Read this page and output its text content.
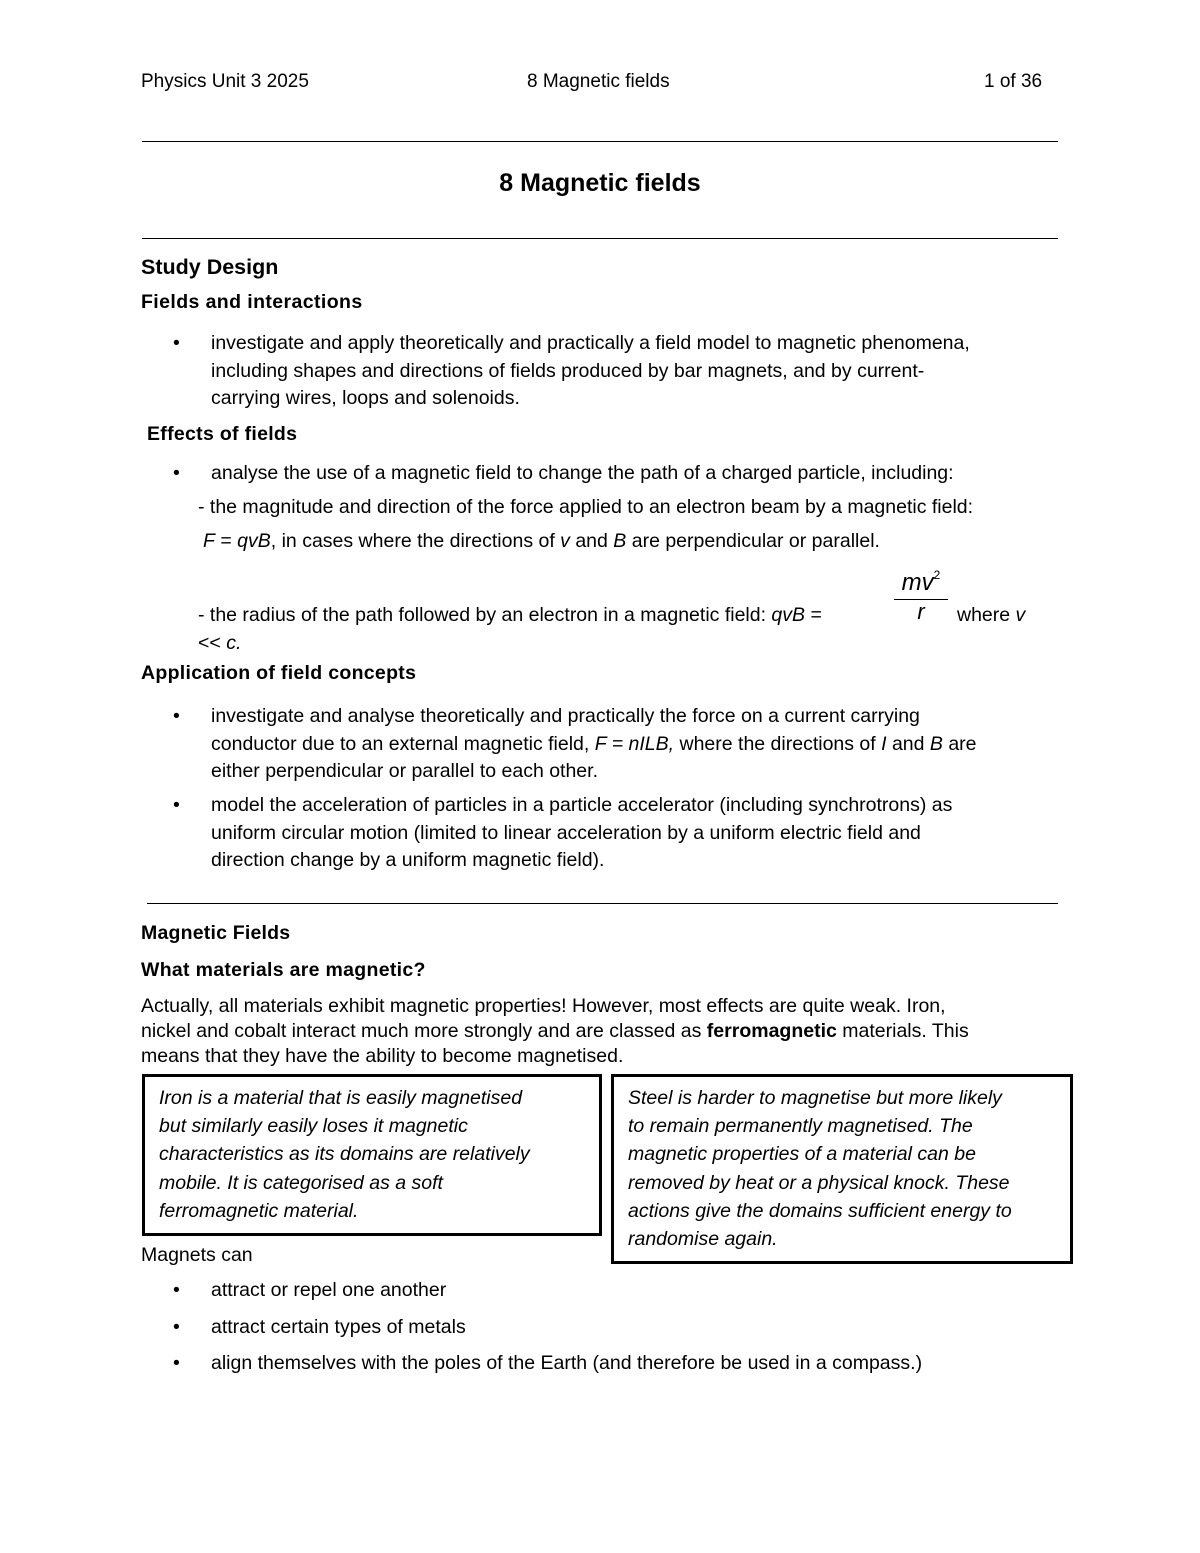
Physics Unit 3 2025	8 Magnetic fields	1 of 36
8 Magnetic fields
Study Design
Fields and interactions
• investigate and apply theoretically and practically a field model to magnetic phenomena,
including shapes and directions of fields produced by bar magnets, and by current-
carrying wires, loops and solenoids.
Effects of fields
• analyse the use of a magnetic field to change the path of a charged particle, including:
- the magnitude and direction of the force applied to an electron beam by a magnetic field:
F = qvB, in cases where the directions of v and B are perpendicular or parallel.
- the radius of the path followed by an electron in a magnetic field: qvB =	$\frac{mv^2}{r}$ where v
<< c.
Application of field concepts
• investigate and analyse theoretically and practically the force on a current carrying
conductor due to an external magnetic field, F = nILB, where the directions of I and B are
either perpendicular or parallel to each other.
• model the acceleration of particles in a particle accelerator (including synchrotrons) as
uniform circular motion (limited to linear acceleration by a uniform electric field and
direction change by a uniform magnetic field).
Magnetic Fields
What materials are magnetic?
Actually, all materials exhibit magnetic properties! However, most effects are quite weak. Iron,
nickel and cobalt interact much more strongly and are classed as ferromagnetic materials. This
means that they have the ability to become magnetised.
Iron is a material that is easily magnetised
but similarly easily loses it magnetic
characteristics as its domains are relatively
mobile. It is categorised as a soft
ferromagnetic material.
Steel is harder to magnetise but more likely
to remain permanently magnetised. The
magnetic properties of a material can be
removed by heat or a physical knock. These
actions give the domains sufficient energy to
randomise again.
Magnets can
• attract or repel one another
• attract certain types of metals
• align themselves with the poles of the Earth (and therefore be used in a compass.)
